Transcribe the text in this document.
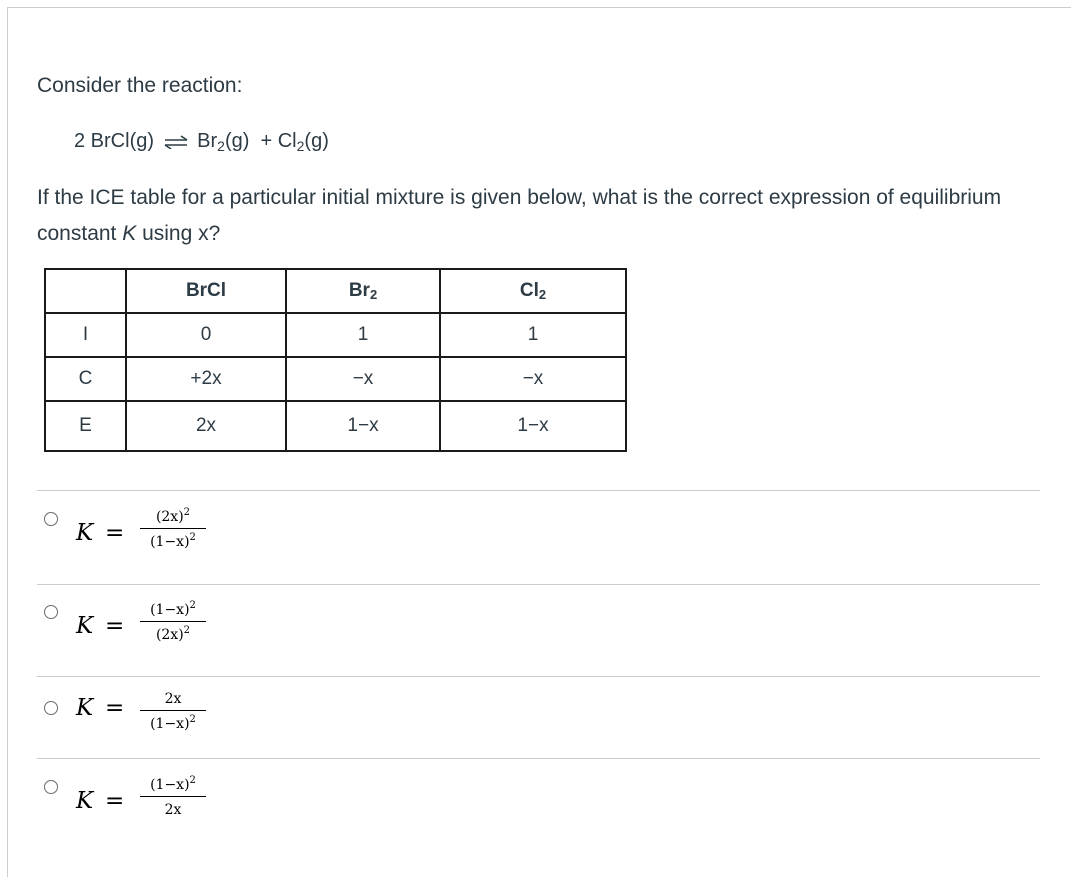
Consider the reaction:
2 BrCl(g) ⇌ $Br_2(g) + Cl_2(g)$
If the ICE table for a particular initial mixture is given below, what is the correct expression of equilibrium constant K using x?
	BrCl	$Br_2$	$Cl_2$
I	0	1	1
C	+2x	−x	−x
E	2x	1−x	1−x
K =
$(2x)^2$
$(1-x)^2$
K =
$(1-x)^2$
$(2x)^2$
K =	2x
$(1-x)^2$
K =
$(1-x)^2$
2x
